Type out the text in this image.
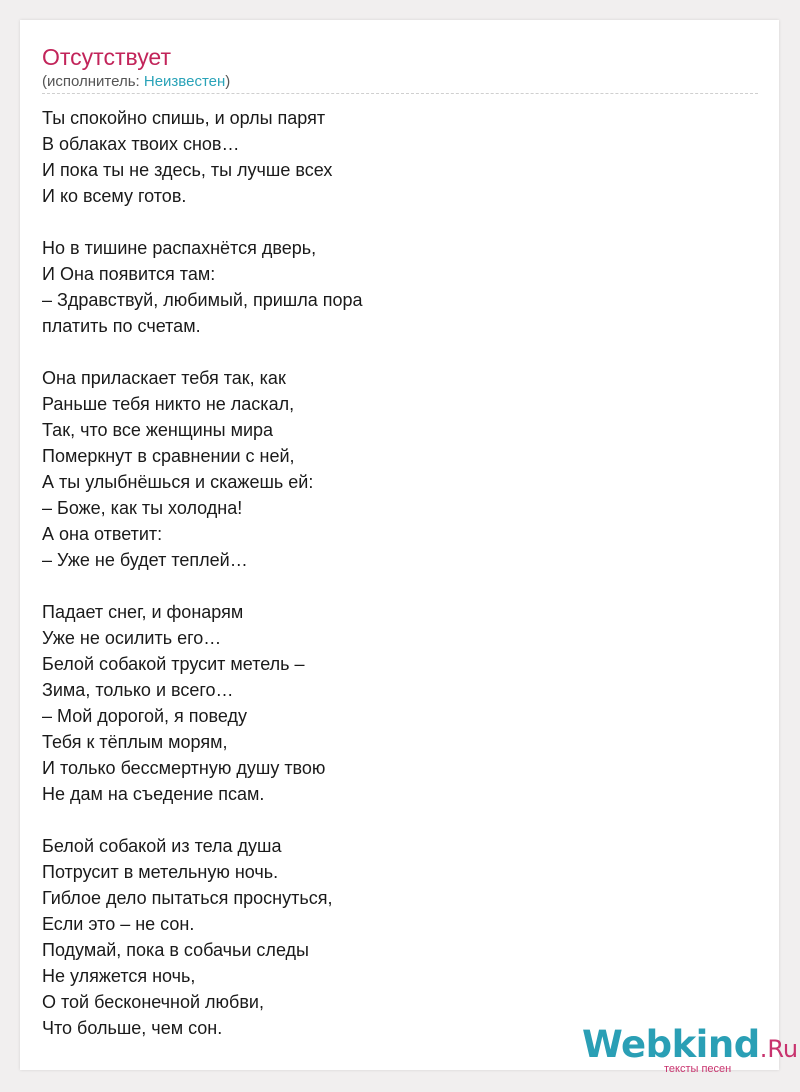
Отсутствует
(исполнитель: Неизвестен)
Ты спокойно спишь, и орлы парят
В облаках твоих снов…
И пока ты не здесь, ты лучше всех
И ко всему готов.
Но в тишине распахнётся дверь,
И Она появится там:
– Здравствуй, любимый, пришла пора
платить по счетам.
Она приласкает тебя так, как
Раньше тебя никто не ласкал,
Так, что все женщины мира
Померкнут в сравнении с ней,
А ты улыбнёшься и скажешь ей:
– Боже, как ты холодна!
А она ответит:
– Уже не будет теплей…
Падает снег, и фонарям
Уже не осилить его…
Белой собакой трусит метель –
Зима, только и всего…
– Мой дорогой, я поведу
Тебя к тёплым морям,
И только бессмертную душу твою
Не дам на съедение псам.
Белой собакой из тела душа
Потрусит в метельную ночь.
Гиблое дело пытаться проснуться,
Если это – не сон.
Подумай, пока в собачьи следы
Не уляжется ночь,
О той бесконечной любви,
Что больше, чем сон.	Webkind.Ru
тексты песен
